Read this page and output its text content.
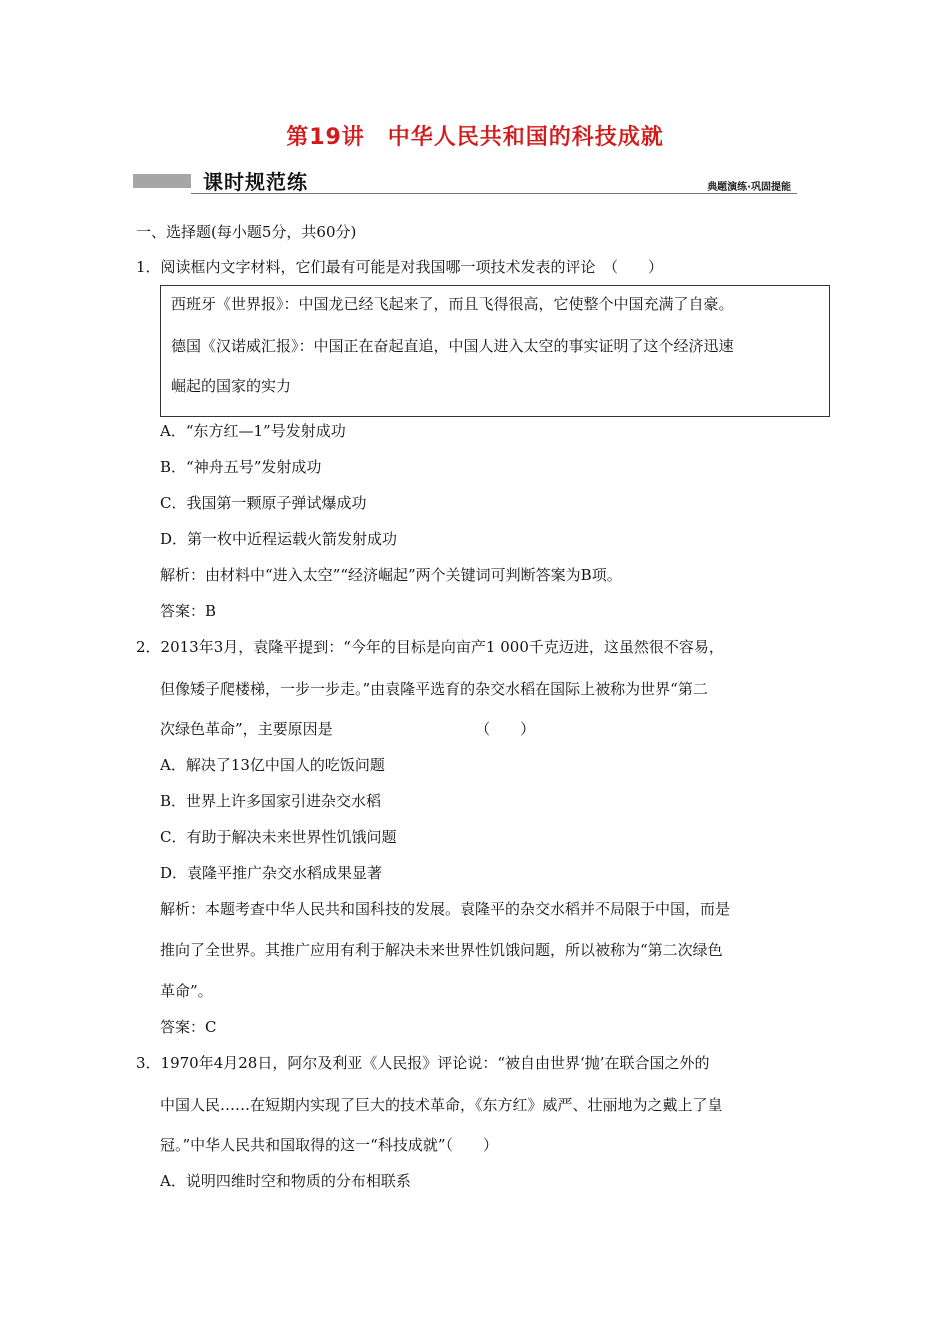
第19讲　中华人民共和国的科技成就
课时规范练	典题演练·巩固提能
一、选择题(每小题5分，共60分)
1．阅读框内文字材料，它们最有可能是对我国哪一项技术发表的评论　（　　）
西班牙《世界报》：中国龙已经飞起来了，而且飞得很高，它使整个中国充满了自豪。
德国《汉诺威汇报》：中国正在奋起直追，中国人进入太空的事实证明了这个经济迅速
崛起的国家的实力
A．“东方红—1”号发射成功
B．“神舟五号”发射成功
C．我国第一颗原子弹试爆成功
D．第一枚中近程运载火箭发射成功
解析：由材料中“进入太空”“经济崛起”两个关键词可判断答案为B项。
答案：B
2．2013年3月，袁隆平提到：“今年的目标是向亩产1 000千克迈进，这虽然很不容易，
但像矮子爬楼梯，一步一步走。”由袁隆平选育的杂交水稻在国际上被称为世界“第二
次绿色革命”，主要原因是　　　　　　　　　　（　　）
A．解决了13亿中国人的吃饭问题
B．世界上许多国家引进杂交水稻
C．有助于解决未来世界性饥饿问题
D．袁隆平推广杂交水稻成果显著
解析：本题考查中华人民共和国科技的发展。袁隆平的杂交水稻并不局限于中国，而是
推向了全世界。其推广应用有利于解决未来世界性饥饿问题，所以被称为“第二次绿色
革命”。
答案：C
3．1970年4月28日，阿尔及利亚《人民报》评论说：“被自由世界‘抛’在联合国之外的
中国人民……在短期内实现了巨大的技术革命，《东方红》威严、壮丽地为之戴上了皇
冠。”中华人民共和国取得的这一“科技成就”（　　）
A．说明四维时空和物质的分布相联系
